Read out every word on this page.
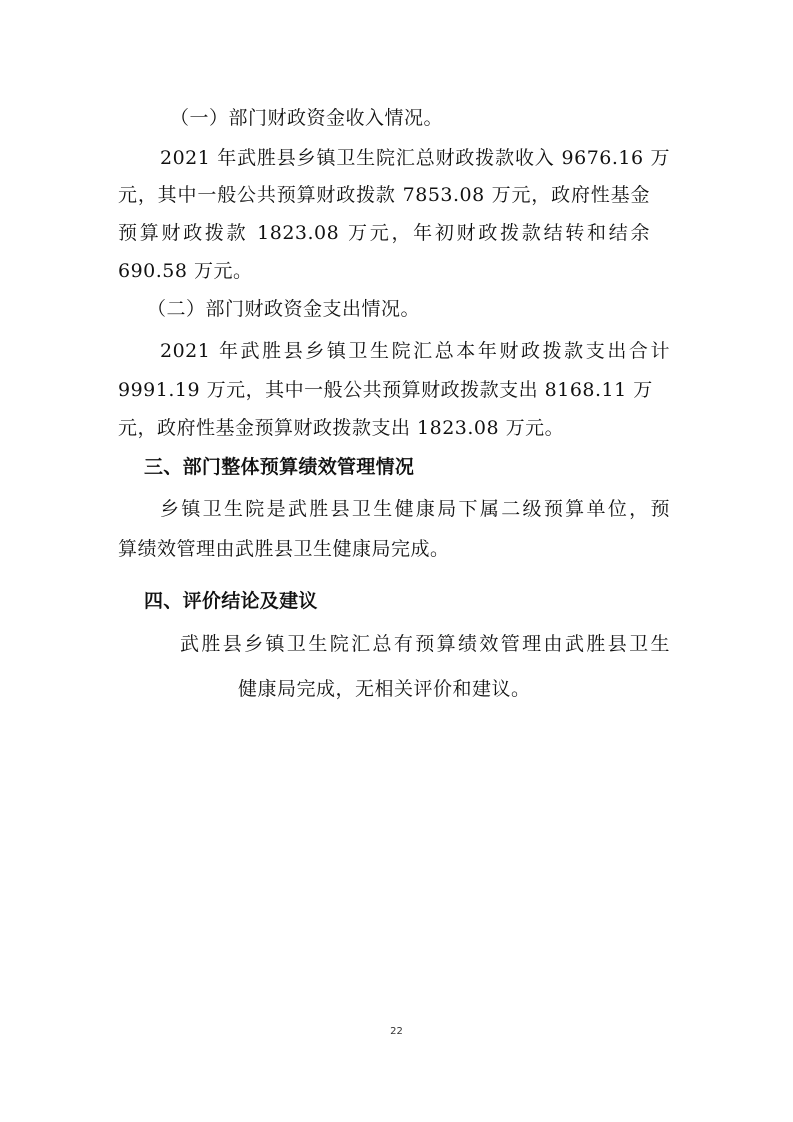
（一）部门财政资金收入情况。
2021 年武胜县乡镇卫生院汇总财政拨款收入 9676.16 万
元，其中一般公共预算财政拨款 7853.08 万元，政府性基金
预算财政拨款 1823.08 万元，年初财政拨款结转和结余
690.58 万元。
（二）部门财政资金支出情况。
2021 年武胜县乡镇卫生院汇总本年财政拨款支出合计
9991.19 万元，其中一般公共预算财政拨款支出 8168.11 万
元，政府性基金预算财政拨款支出 1823.08 万元。
三、部门整体预算绩效管理情况
乡镇卫生院是武胜县卫生健康局下属二级预算单位，预
算绩效管理由武胜县卫生健康局完成。
四、评价结论及建议
武胜县乡镇卫生院汇总有预算绩效管理由武胜县卫生
健康局完成，无相关评价和建议。
22
